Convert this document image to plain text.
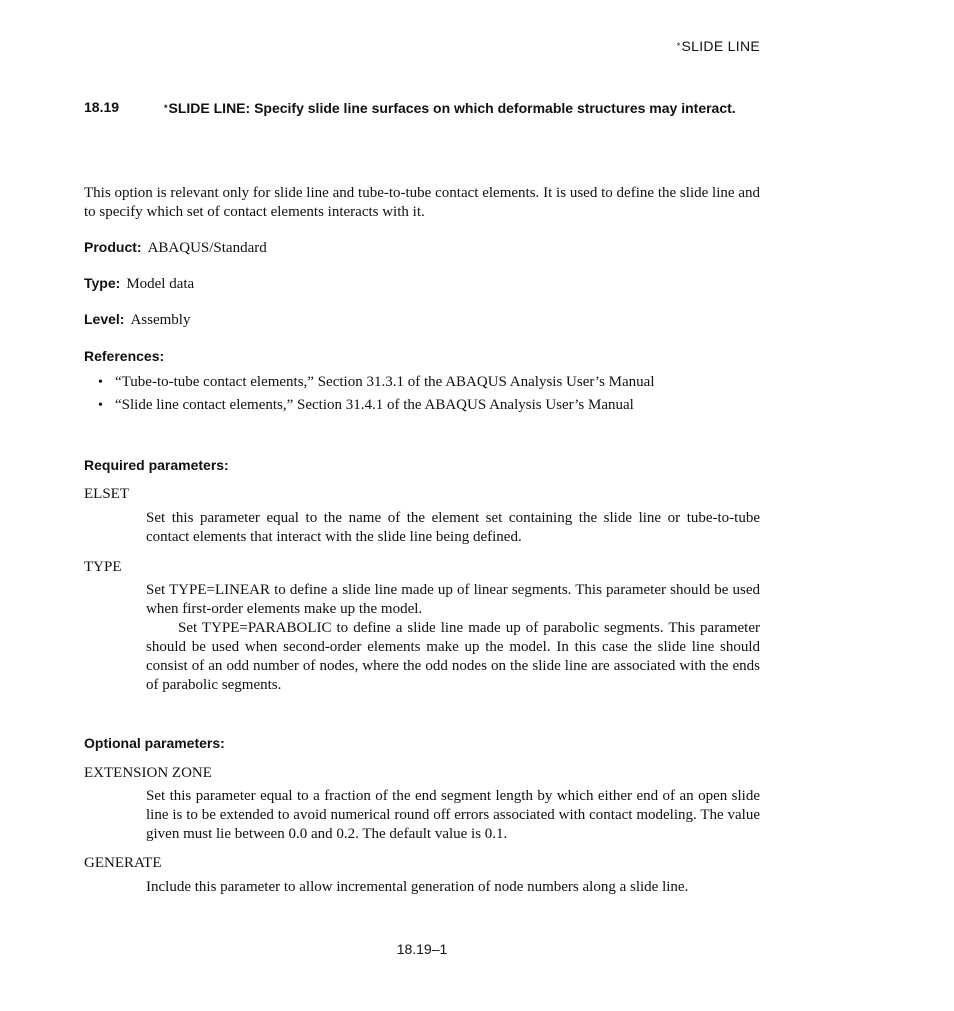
*SLIDE LINE
18.19	*SLIDE LINE: Specify slide line surfaces on which deformable structures may interact.
This option is relevant only for slide line and tube-to-tube contact elements. It is used to define the slide line and to specify which set of contact elements interacts with it.
Product: ABAQUS/Standard
Type: Model data
Level: Assembly
References:
• “Tube-to-tube contact elements,” Section 31.3.1 of the ABAQUS Analysis User’s Manual
• “Slide line contact elements,” Section 31.4.1 of the ABAQUS Analysis User’s Manual
Required parameters:
ELSET

Set this parameter equal to the name of the element set containing the slide line or tube-to-tube contact elements that interact with the slide line being defined.

TYPE

Set TYPE=LINEAR to define a slide line made up of linear segments. This parameter should be used when first-order elements make up the model.

Set TYPE=PARABOLIC to define a slide line made up of parabolic segments. This parameter should be used when second-order elements make up the model. In this case the slide line should consist of an odd number of nodes, where the odd nodes on the slide line are associated with the ends of parabolic segments.

Optional parameters:
EXTENSION ZONE

Set this parameter equal to a fraction of the end segment length by which either end of an open slide line is to be extended to avoid numerical round off errors associated with contact modeling. The value given must lie between 0.0 and 0.2. The default value is 0.1.

GENERATE

Include this parameter to allow incremental generation of node numbers along a slide line.

18.19–1
